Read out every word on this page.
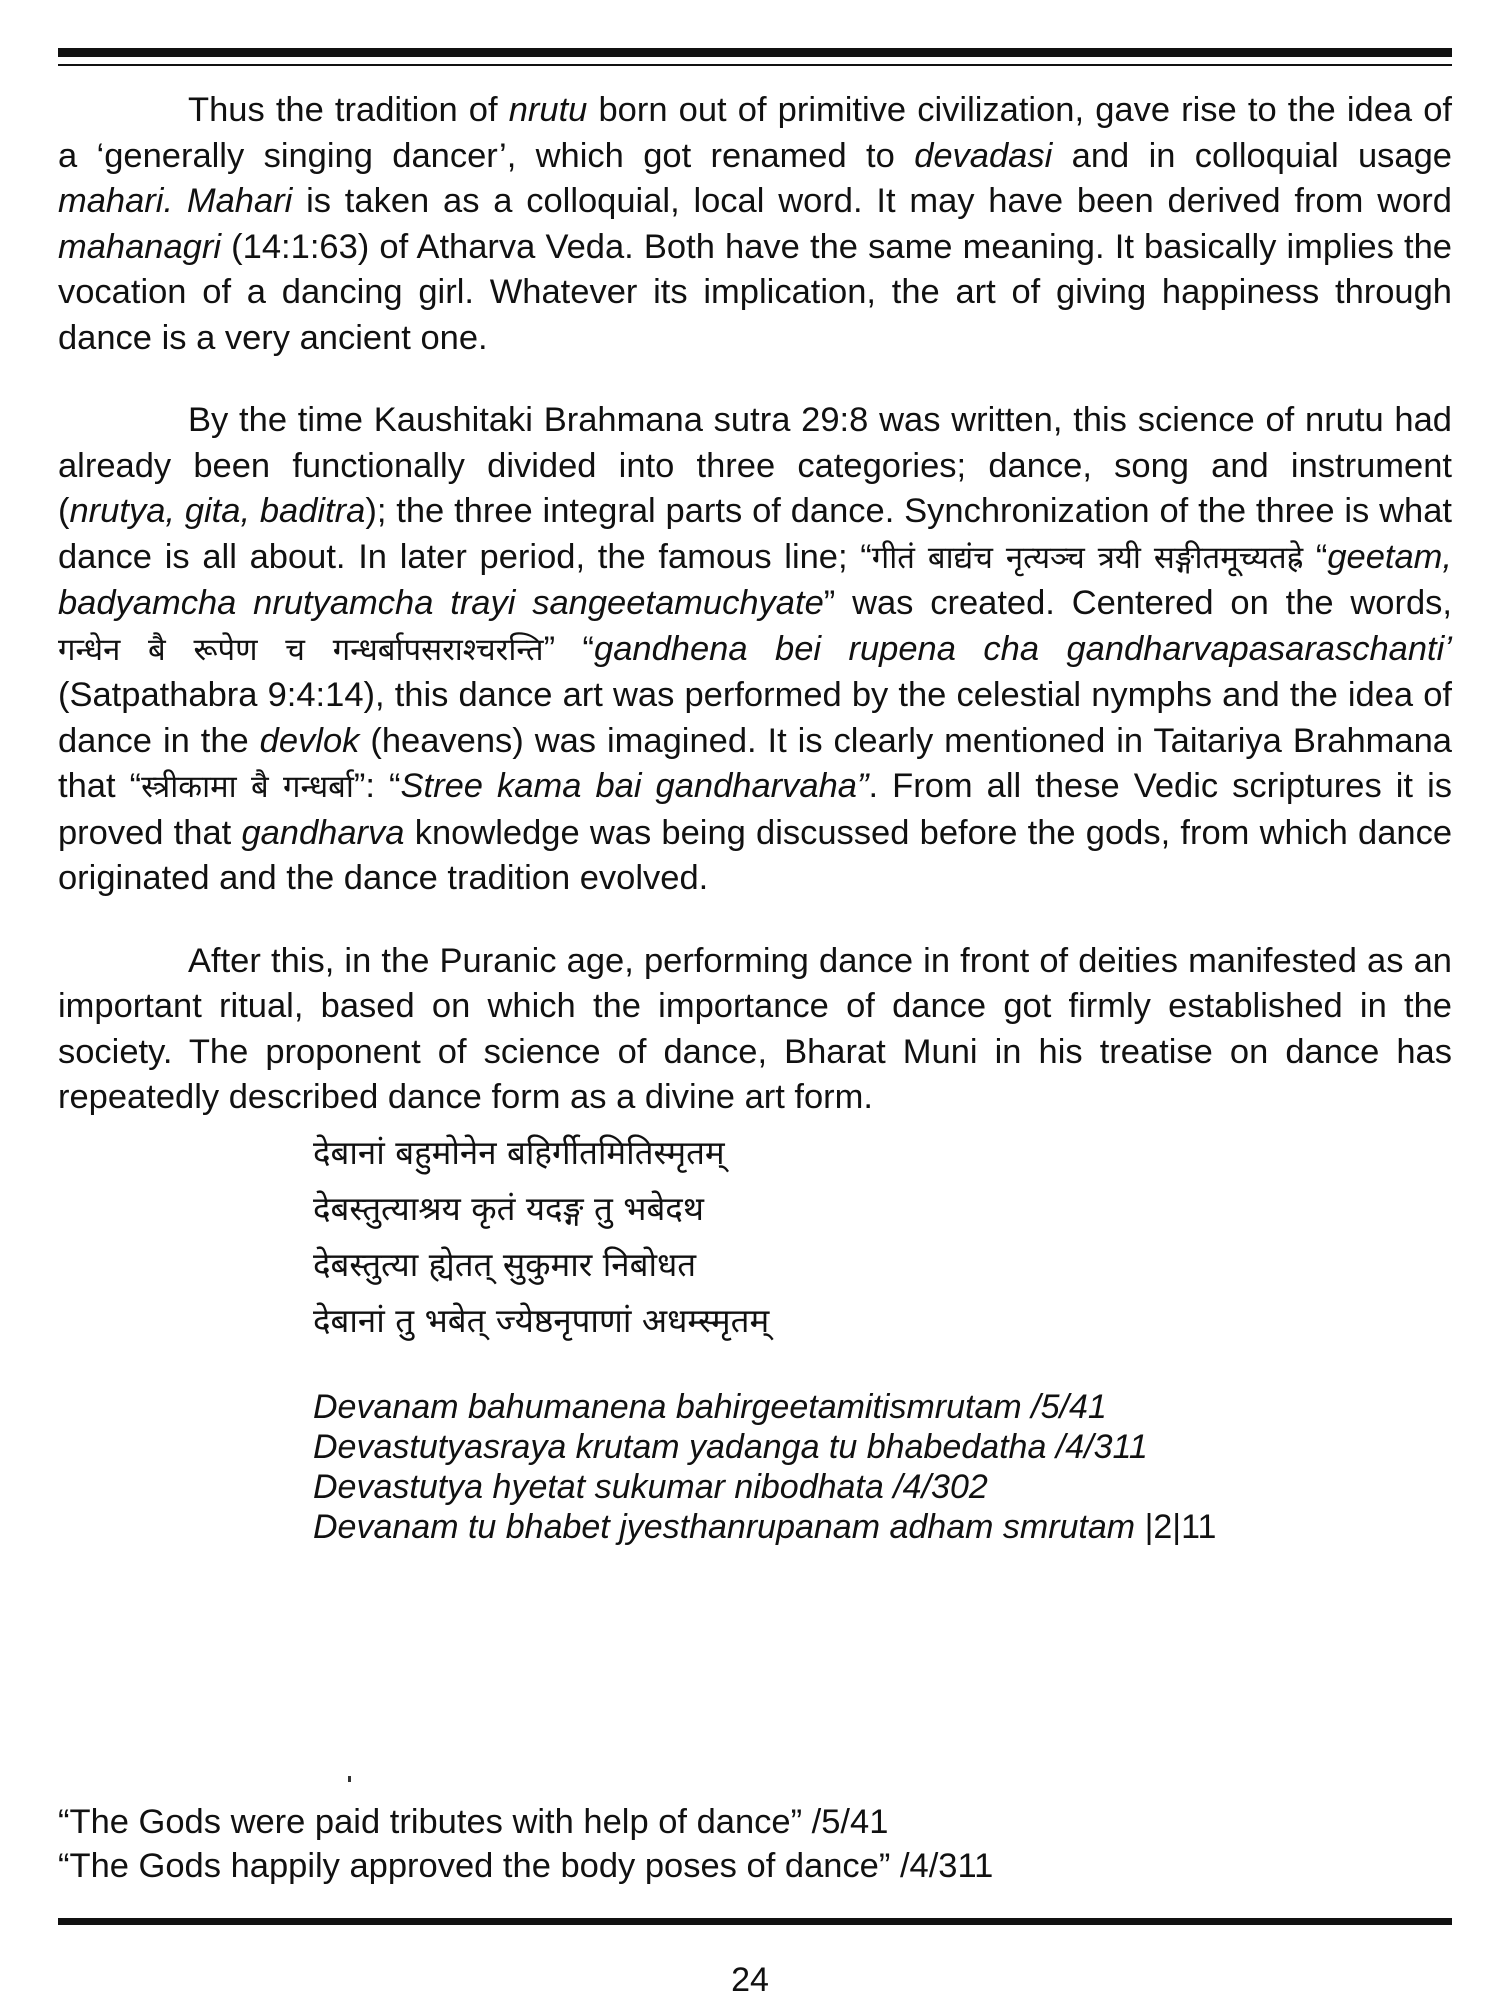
Thus the tradition of nrutu born out of primitive civilization, gave rise to the idea of a ‘generally singing dancer’, which got renamed to devadasi and in colloquial usage mahari. Mahari is taken as a colloquial, local word. It may have been derived from word mahanagri (14:1:63) of Atharva Veda. Both have the same meaning. It basically implies the vocation of a dancing girl. Whatever its implication, the art of giving happiness through dance is a very ancient one.

By the time Kaushitaki Brahmana sutra 29:8 was written, this science of nrutu had already been functionally divided into three categories; dance, song and instrument (nrutya, gita, baditra); the three integral parts of dance. Synchronization of the three is what dance is all about. In later period, the famous line; “गीतं बाद्यंच नृत्यञ्च त्रयी सङ्गीतमूच्यतह्रे “geetam, badyamcha nrutyamcha trayi sangeetamuchyate” was created. Centered on the words, गन्धेन बै रूपेण च गन्धर्बापसराश्चरन्ति” “gandhena bei rupena cha gandharvapasaraschanti’ (Satpathabra 9:4:14), this dance art was performed by the celestial nymphs and the idea of dance in the devlok (heavens) was imagined. It is clearly mentioned in Taitariya Brahmana that “स्त्रीकामा बै गन्धर्बा”: “Stree kama bai gandharvaha”. From all these Vedic scriptures it is proved that gandharva knowledge was being discussed before the gods, from which dance originated and the dance tradition evolved.

After this, in the Puranic age, performing dance in front of deities manifested as an important ritual, based on which the importance of dance got firmly established in the society. The proponent of science of dance, Bharat Muni in his treatise on dance has repeatedly described dance form as a divine art form.

देबानां बहुमोनेन बहिर्गीतमितिस्मृतम्
देबस्तुत्याश्रय कृतं यदङ्ग तु भबेदथ
देबस्तुत्या ह्येतत् सुकुमार निबोधत
देबानां तु भबेत् ज्येष्ठनृपाणां अधम्स्मृतम्
Devanam bahumanena bahirgeetamitismrutam /5/41
Devastutyasraya krutam yadanga tu bhabedatha /4/311
Devastutya hyetat sukumar nibodhata /4/302
Devanam tu bhabet jyesthanrupanam adham smrutam |2|11
“The Gods were paid tributes with help of dance” /5/41
“The Gods happily approved the body poses of dance” /4/311
24
